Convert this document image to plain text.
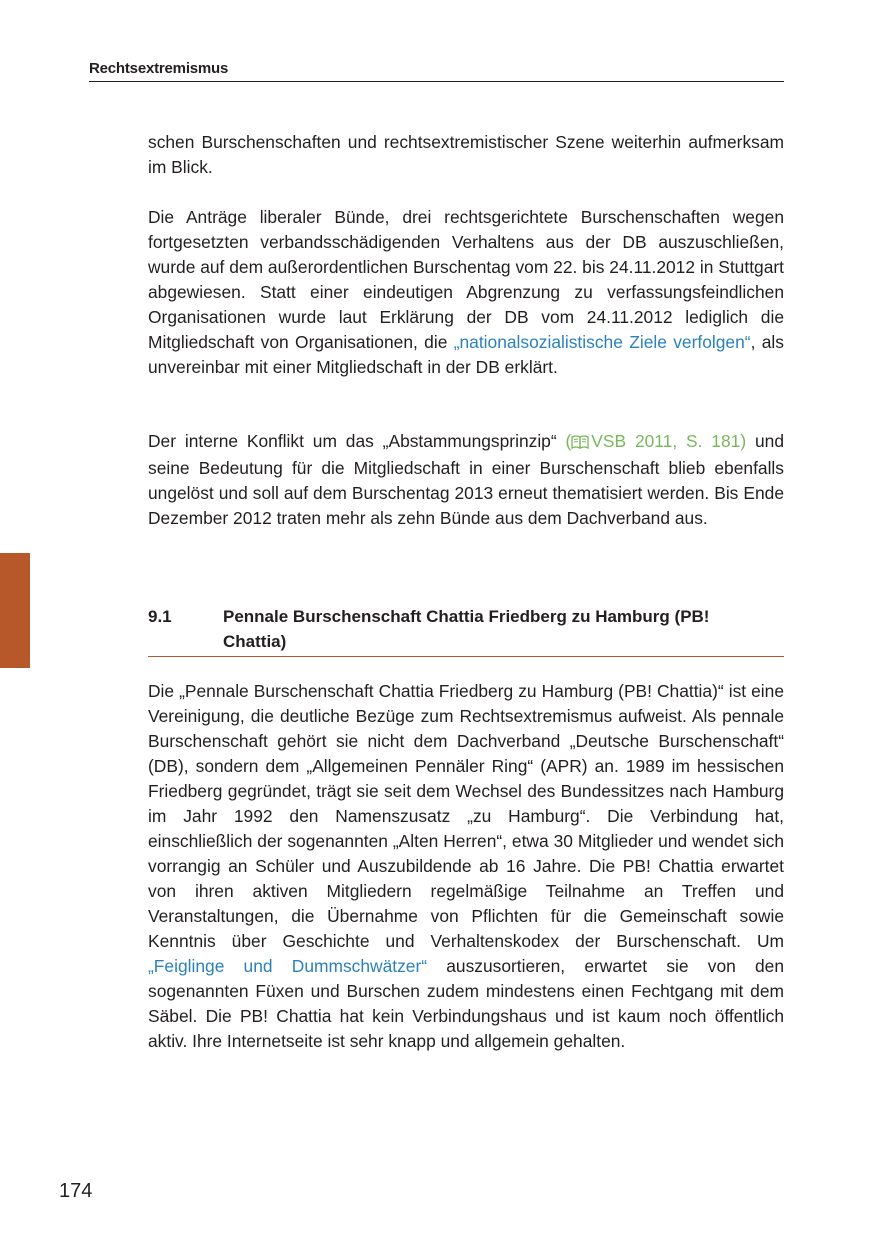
Rechtsextremismus

schen Burschenschaften und rechtsextremistischer Szene weiterhin aufmerksam im Blick.

Die Anträge liberaler Bünde, drei rechtsgerichtete Burschenschaften wegen fortgesetzten verbandsschädigenden Verhaltens aus der DB auszuschließen, wurde auf dem außerordentlichen Burschentag vom 22. bis 24.11.2012 in Stuttgart abgewiesen. Statt einer eindeutigen Abgrenzung zu verfassungsfeindlichen Organisationen wurde laut Erklärung der DB vom 24.11.2012 lediglich die Mitgliedschaft von Organisationen, die „nationalsozialistische Ziele verfolgen“, als unvereinbar mit einer Mitgliedschaft in der DB erklärt.

Der interne Konflikt um das „Abstammungsprinzip“ ( VSB 2011, S. 181) und seine Bedeutung für die Mitgliedschaft in einer Burschenschaft blieb ebenfalls ungelöst und soll auf dem Burschentag 2013 erneut thematisiert werden. Bis Ende Dezember 2012 traten mehr als zehn Bünde aus dem Dachverband aus.

9.1	Pennale Burschenschaft Chattia Friedberg zu Hamburg (PB! Chattia)

Die „Pennale Burschenschaft Chattia Friedberg zu Hamburg (PB! Chattia)“ ist eine Vereinigung, die deutliche Bezüge zum Rechtsextremismus aufweist. Als pennale Burschenschaft gehört sie nicht dem Dachverband „Deutsche Burschenschaft“ (DB), sondern dem „Allgemeinen Pennäler Ring“ (APR) an. 1989 im hessischen Friedberg gegründet, trägt sie seit dem Wechsel des Bundessitzes nach Hamburg im Jahr 1992 den Namenszusatz „zu Hamburg“. Die Verbindung hat, einschließlich der sogenannten „Alten Herren“, etwa 30 Mitglieder und wendet sich vorrangig an Schüler und Auszubildende ab 16 Jahre. Die PB! Chattia erwartet von ihren aktiven Mitgliedern regelmäßige Teilnahme an Treffen und Veranstaltungen, die Übernahme von Pflichten für die Gemeinschaft sowie Kenntnis über Geschichte und Verhaltenskodex der Burschenschaft. Um „Feiglinge und Dummschwätzer“ auszusortieren, erwartet sie von den sogenannten Füxen und Burschen zudem mindestens einen Fechtgang mit dem Säbel. Die PB! Chattia hat kein Verbindungshaus und ist kaum noch öffentlich aktiv. Ihre Internetseite ist sehr knapp und allgemein gehalten.

174
